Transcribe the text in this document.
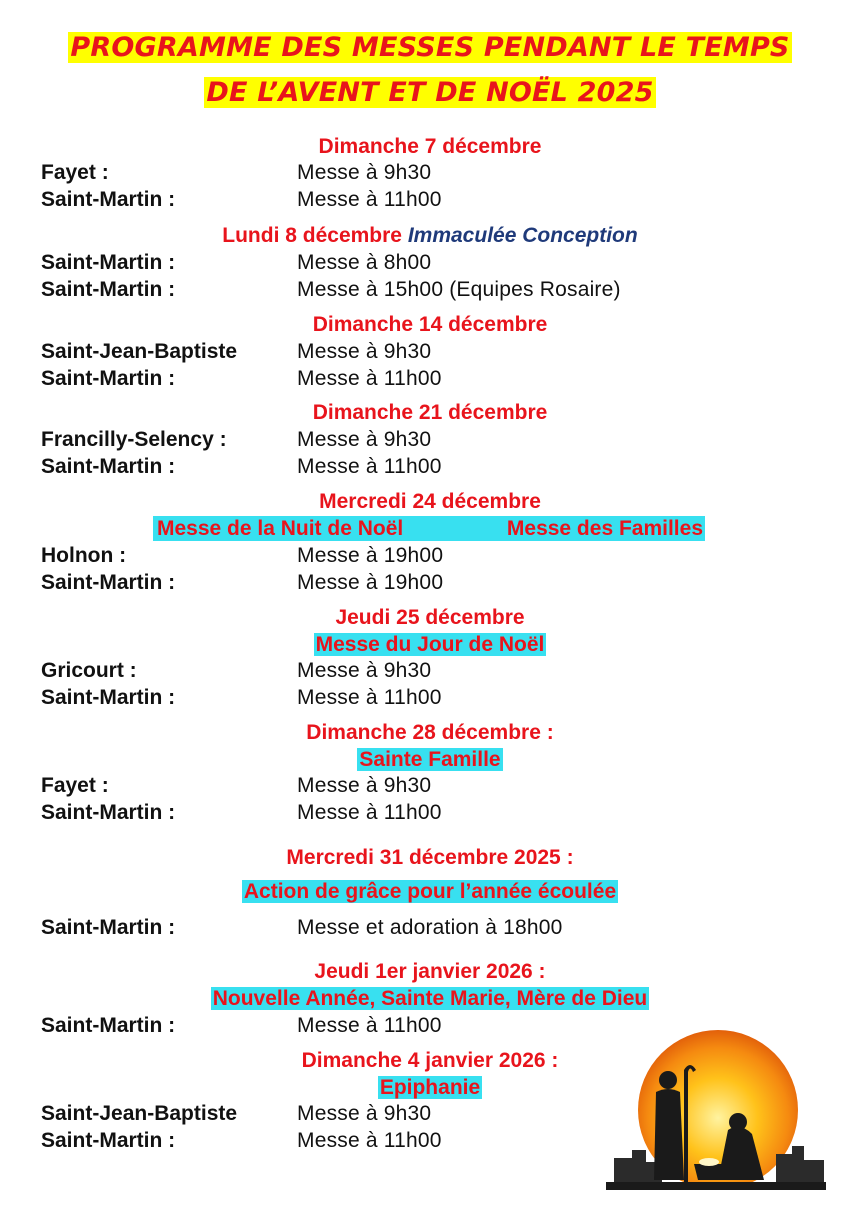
PROGRAMME DES MESSES PENDANT LE TEMPS
DE L’AVENT ET DE NOËL 2025
Dimanche 7 décembre
Fayet :	Messe à 9h30
Saint-Martin :	Messe à 11h00
Lundi 8 décembre Immaculée Conception
Saint-Martin :	Messe à 8h00
Saint-Martin :	Messe à 15h00 (Equipes Rosaire)
Dimanche 14 décembre
Saint-Jean-Baptiste	Messe à 9h30
Saint-Martin :	Messe à 11h00
Dimanche 21 décembre
Francilly-Selency :	Messe à 9h30
Saint-Martin :	Messe à 11h00
Mercredi 24 décembre
Messe de la Nuit de Noël	Messe des Familles
Holnon :	Messe à 19h00
Saint-Martin :	Messe à 19h00
Jeudi 25 décembre
Messe du Jour de Noël
Gricourt :	Messe à 9h30
Saint-Martin :	Messe à 11h00
Dimanche 28 décembre :
Sainte Famille
Fayet :	Messe à 9h30
Saint-Martin :	Messe à 11h00
Mercredi 31 décembre 2025 :
Action de grâce pour l’année écoulée
Saint-Martin :	Messe et adoration à 18h00
Jeudi 1er janvier 2026 :
Nouvelle Année, Sainte Marie, Mère de Dieu
Saint-Martin :	Messe à 11h00
Dimanche 4 janvier 2026 :
Epiphanie
Saint-Jean-Baptiste	Messe à 9h30
Saint-Martin :	Messe à 11h00
